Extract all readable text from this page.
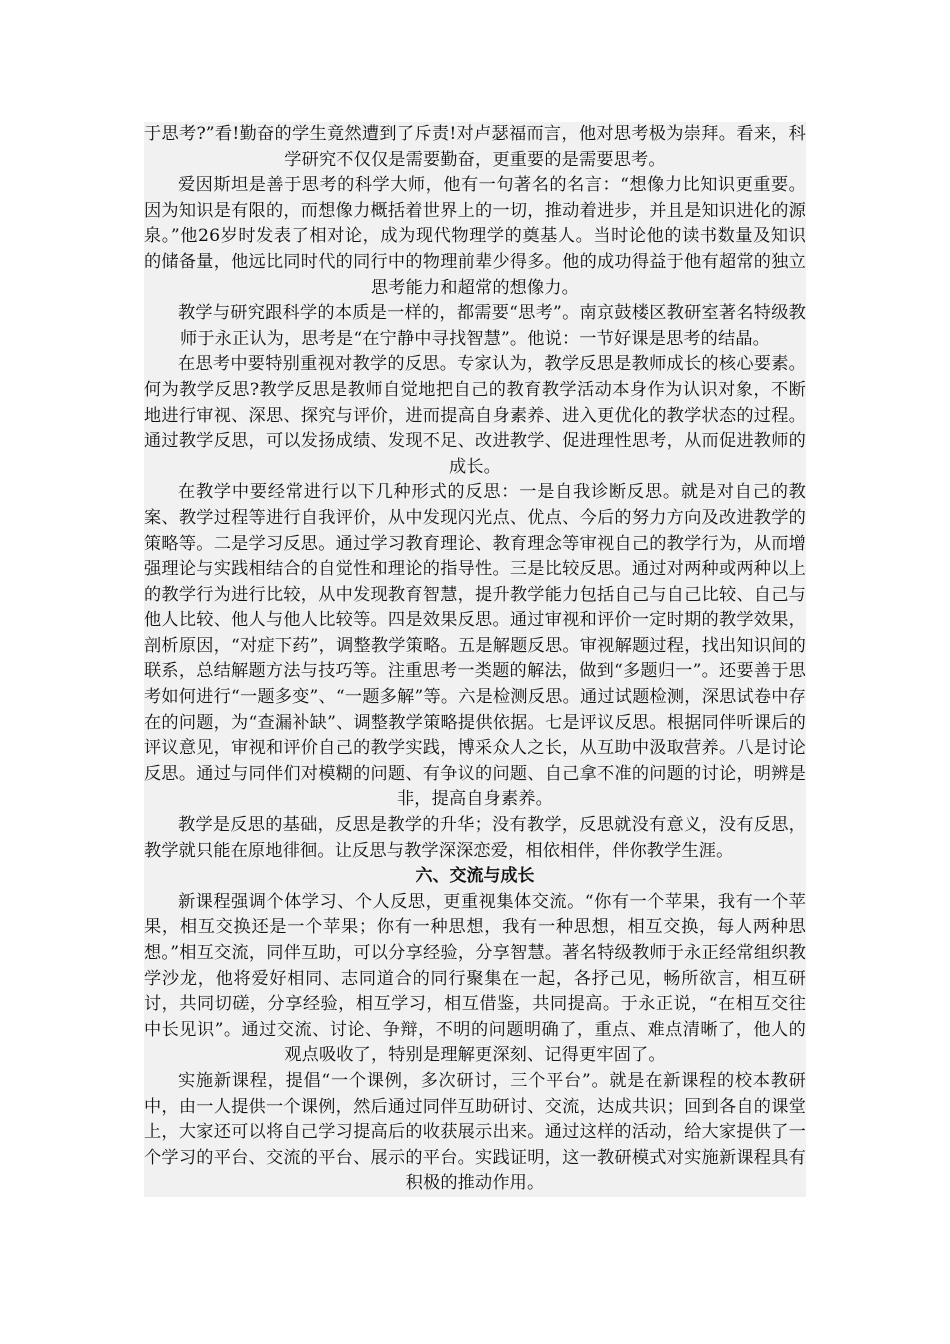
于思考?”看!勤奋的学生竟然遭到了斥责!对卢瑟福而言，他对思考极为崇拜。看来，科学研究不仅仅是需要勤奋，更重要的是需要思考。

爱因斯坦是善于思考的科学大师，他有一句著名的名言：“想像力比知识更重要。因为知识是有限的，而想像力概括着世界上的一切，推动着进步，并且是知识进化的源泉。”他26岁时发表了相对论，成为现代物理学的奠基人。当时论他的读书数量及知识的储备量，他远比同时代的同行中的物理前辈少得多。他的成功得益于他有超常的独立思考能力和超常的想像力。

教学与研究跟科学的本质是一样的，都需要“思考”。南京鼓楼区教研室著名特级教师于永正认为，思考是“在宁静中寻找智慧”。他说：一节好课是思考的结晶。

在思考中要特别重视对教学的反思。专家认为，教学反思是教师成长的核心要素。何为教学反思?教学反思是教师自觉地把自己的教育教学活动本身作为认识对象，不断地进行审视、深思、探究与评价，进而提高自身素养、进入更优化的教学状态的过程。通过教学反思，可以发扬成绩、发现不足、改进教学、促进理性思考，从而促进教师的成长。

在教学中要经常进行以下几种形式的反思：一是自我诊断反思。就是对自己的教案、教学过程等进行自我评价，从中发现闪光点、优点、今后的努力方向及改进教学的策略等。二是学习反思。通过学习教育理论、教育理念等审视自己的教学行为，从而增强理论与实践相结合的自觉性和理论的指导性。三是比较反思。通过对两种或两种以上的教学行为进行比较，从中发现教育智慧，提升教学能力包括自己与自己比较、自己与他人比较、他人与他人比较等。四是效果反思。通过审视和评价一定时期的教学效果，剖析原因，“对症下药”，调整教学策略。五是解题反思。审视解题过程，找出知识间的联系，总结解题方法与技巧等。注重思考一类题的解法，做到“多题归一”。还要善于思考如何进行“一题多变”、“一题多解”等。六是检测反思。通过试题检测，深思试卷中存在的问题，为“查漏补缺”、调整教学策略提供依据。七是评议反思。根据同伴听课后的评议意见，审视和评价自己的教学实践，博采众人之长，从互助中汲取营养。八是讨论反思。通过与同伴们对模糊的问题、有争议的问题、自己拿不准的问题的讨论，明辨是非，提高自身素养。

教学是反思的基础，反思是教学的升华；没有教学，反思就没有意义，没有反思，教学就只能在原地徘徊。让反思与教学深深恋爱，相依相伴，伴你教学生涯。

六、交流与成长

新课程强调个体学习、个人反思，更重视集体交流。“你有一个苹果，我有一个苹果，相互交换还是一个苹果；你有一种思想，我有一种思想，相互交换，每人两种思想。”相互交流，同伴互助，可以分享经验，分享智慧。著名特级教师于永正经常组织教学沙龙，他将爱好相同、志同道合的同行聚集在一起，各抒己见，畅所欲言，相互研讨，共同切磋，分享经验，相互学习，相互借鉴，共同提高。于永正说，“在相互交往中长见识”。通过交流、讨论、争辩，不明的问题明确了，重点、难点清晰了，他人的观点吸收了，特别是理解更深刻、记得更牢固了。

实施新课程，提倡“一个课例，多次研讨，三个平台”。就是在新课程的校本教研中，由一人提供一个课例，然后通过同伴互助研讨、交流，达成共识；回到各自的课堂上，大家还可以将自己学习提高后的收获展示出来。通过这样的活动，给大家提供了一个学习的平台、交流的平台、展示的平台。实践证明，这一教研模式对实施新课程具有积极的推动作用。
